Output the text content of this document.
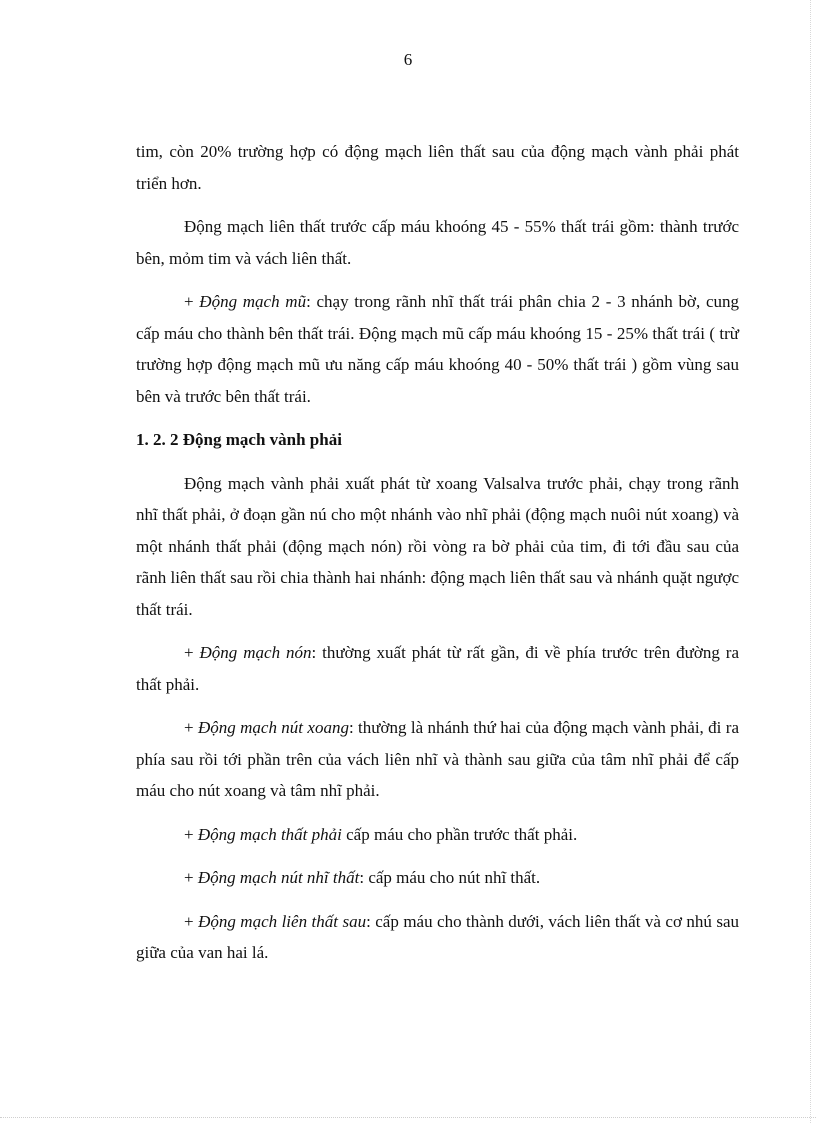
6

tim, còn 20% trường hợp có động mạch liên thất sau của động mạch vành phải phát triển hơn.

Động mạch liên thất trước cấp máu khoóng 45 - 55% thất trái gồm: thành trước bên, mỏm tim và vách liên thất.

+ Động mạch mũ: chạy trong rãnh nhĩ thất trái phân chia 2 - 3 nhánh bờ, cung cấp máu cho thành bên thất trái. Động mạch mũ cấp máu khoóng 15 - 25% thất trái ( trừ trường hợp động mạch mũ ưu năng cấp máu khoóng 40 - 50% thất trái ) gồm vùng sau bên và trước bên thất trái.

1. 2. 2 Động mạch vành phải

Động mạch vành phải xuất phát từ xoang Valsalva trước phải, chạy trong rãnh nhĩ thất phải, ở đoạn gần nú cho một nhánh vào nhĩ phải (động mạch nuôi nút xoang) và một nhánh thất phải (động mạch nón) rồi vòng ra bờ phải của tim, đi tới đầu sau của rãnh liên thất sau rồi chia thành hai nhánh: động mạch liên thất sau và nhánh quặt ngược thất trái.

+ Động mạch nón: thường xuất phát từ rất gần, đi về phía trước trên đường ra thất phải.

+ Động mạch nút xoang: thường là nhánh thứ hai của động mạch vành phải, đi ra phía sau rồi tới phần trên của vách liên nhĩ và thành sau giữa của tâm nhĩ phải để cấp máu cho nút xoang và tâm nhĩ phải.

+ Động mạch thất phải cấp máu cho phần trước thất phải.

+ Động mạch nút nhĩ thất: cấp máu cho nút nhĩ thất.

+ Động mạch liên thất sau: cấp máu cho thành dưới, vách liên thất và cơ nhú sau giữa của van hai lá.
